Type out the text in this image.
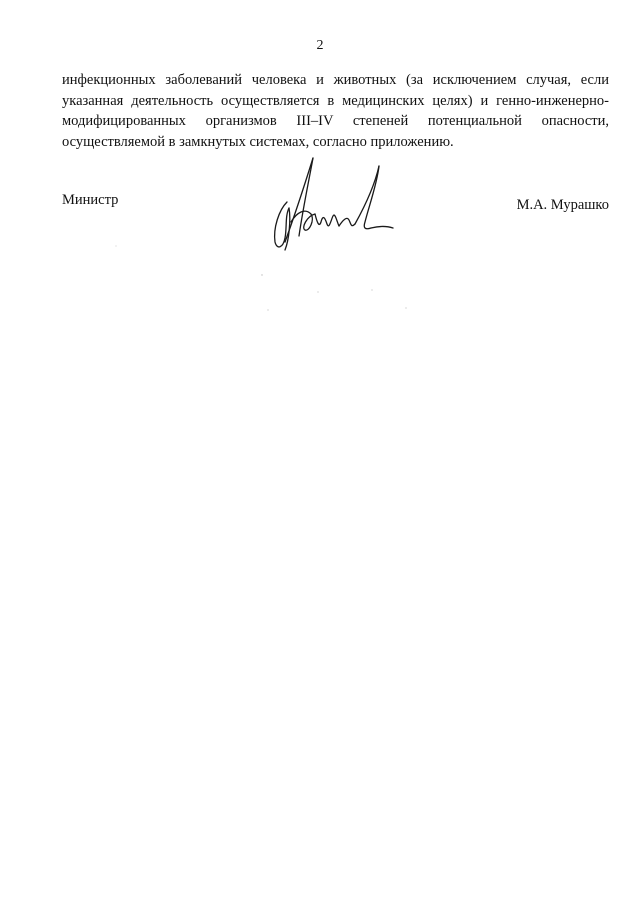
2
инфекционных заболеваний человека и животных (за исключением случая, если
указанная деятельность осуществляется в медицинских целях) и генно-инженерно-
модифицированных организмов III–IV степеней потенциальной опасности,
осуществляемой в замкнутых системах, согласно приложению.
Министр	М.А. Мурашко
